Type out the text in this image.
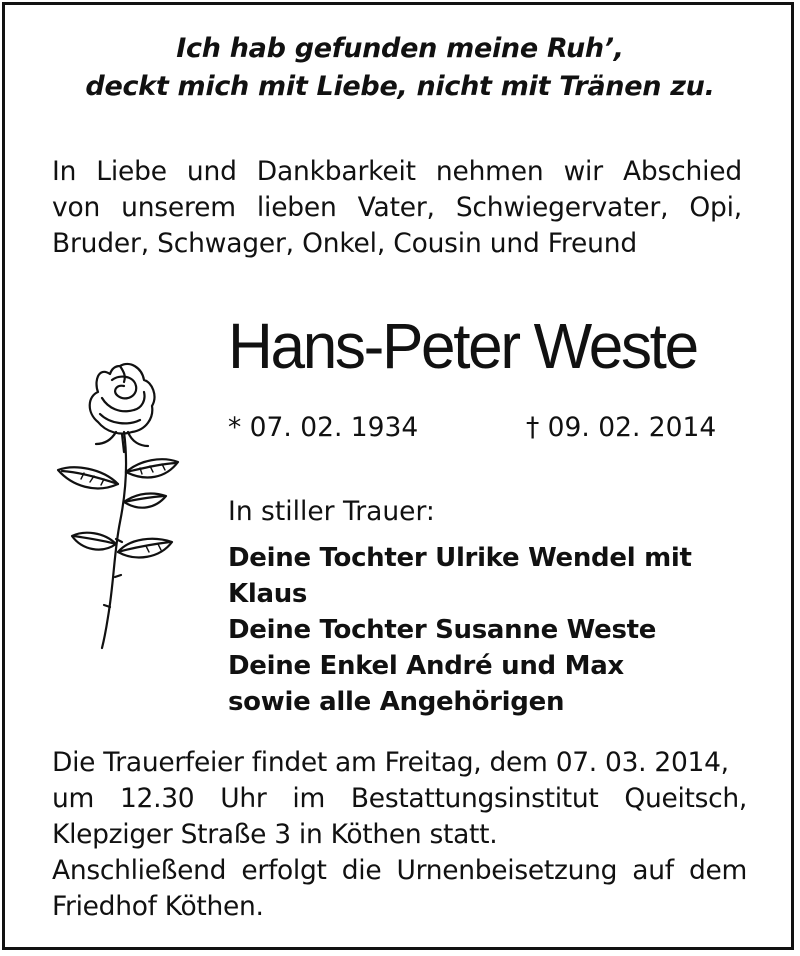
Ich hab gefunden meine Ruh’,
deckt mich mit Liebe, nicht mit Tränen zu.
In Liebe und Dankbarkeit nehmen wir Abschied
von unserem lieben Vater, Schwiegervater, Opi,
Bruder, Schwager, Onkel, Cousin und Freund
Hans-Peter Weste
* 07. 02. 1934	† 09. 02. 2014
In stiller Trauer:
Deine Tochter Ulrike Wendel mit
Klaus
Deine Tochter Susanne Weste
Deine Enkel André und Max
sowie alle Angehörigen
Die Trauerfeier findet am Freitag, dem 07. 03. 2014,
um 12.30 Uhr im Bestattungsinstitut Queitsch,
Klepziger Straße 3 in Köthen statt.
Anschließend erfolgt die Urnenbeisetzung auf dem
Friedhof Köthen.
